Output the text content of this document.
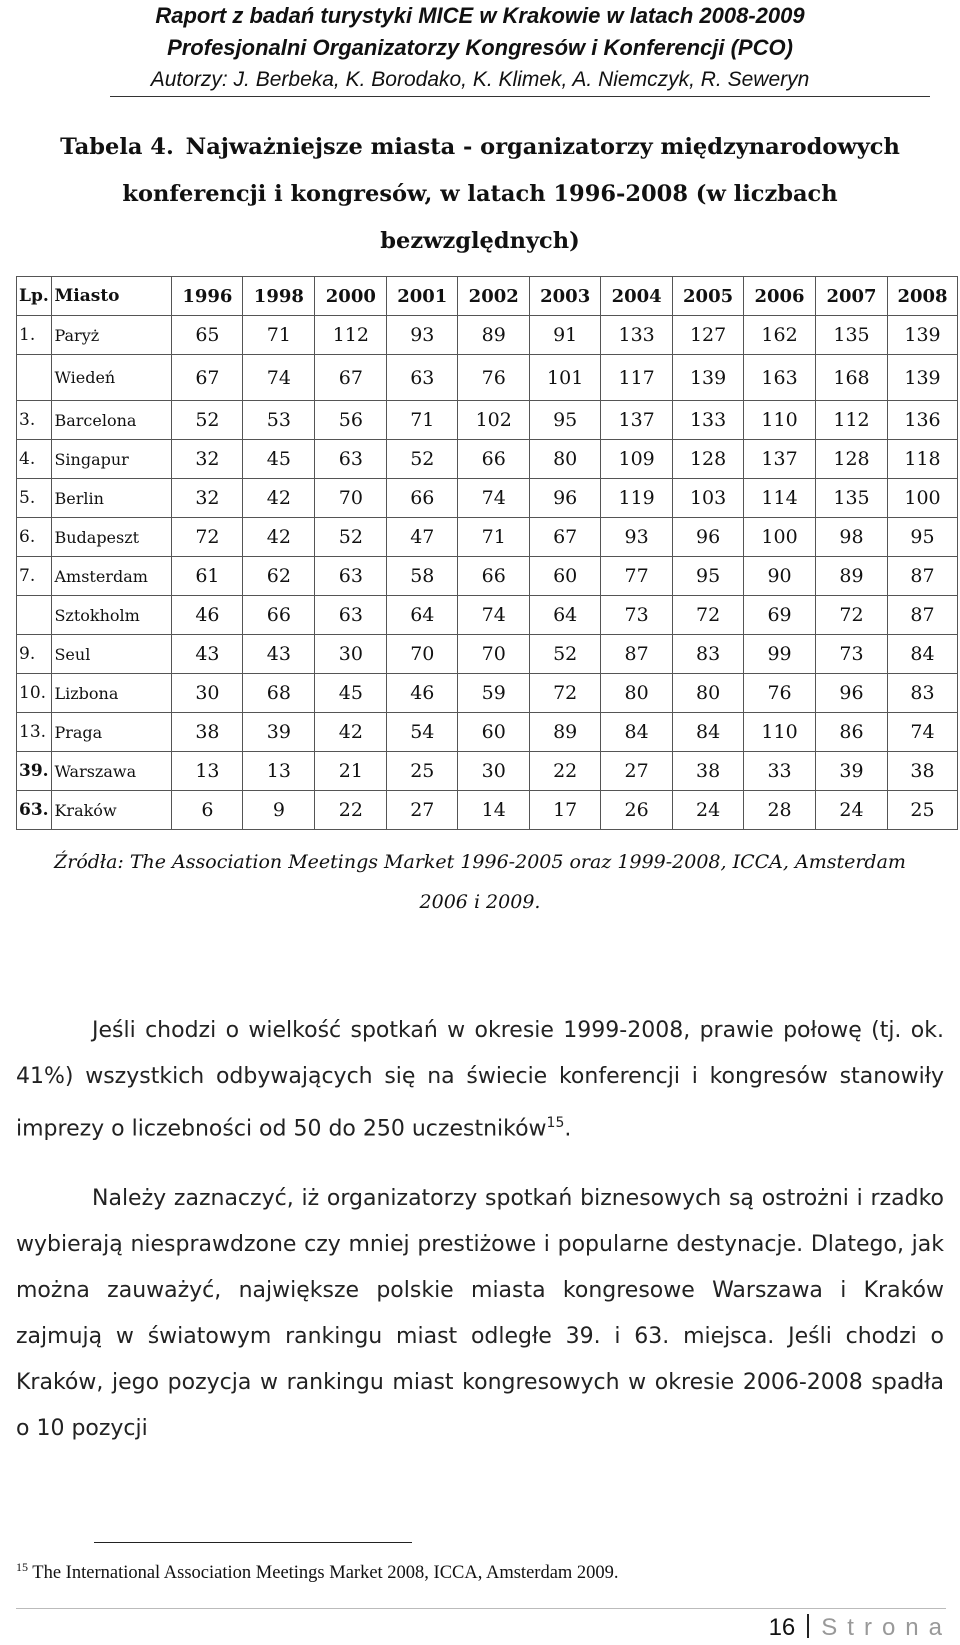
Raport z badań turystyki MICE w Krakowie w latach 2008-2009
Profesjonalni Organizatorzy Kongresów i Konferencji (PCO)
Autorzy: J. Berbeka, K. Borodako, K. Klimek, A. Niemczyk, R. Seweryn
Tabela 4. Najważniejsze miasta - organizatorzy międzynarodowych konferencji i kongresów, w latach 1996-2008 (w liczbach bezwzględnych)
Lp.	Miasto	1996	1998	2000	2001	2002	2003	2004	2005	2006	2007	2008
1.	Paryż	65	71	112	93	89	91	133	127	162	135	139
	Wiedeń	67	74	67	63	76	101	117	139	163	168	139
3.	Barcelona	52	53	56	71	102	95	137	133	110	112	136
4.	Singapur	32	45	63	52	66	80	109	128	137	128	118
5.	Berlin	32	42	70	66	74	96	119	103	114	135	100
6.	Budapeszt	72	42	52	47	71	67	93	96	100	98	95
7.	Amsterdam	61	62	63	58	66	60	77	95	90	89	87
	Sztokholm	46	66	63	64	74	64	73	72	69	72	87
9.	Seul	43	43	30	70	70	52	87	83	99	73	84
10.	Lizbona	30	68	45	46	59	72	80	80	76	96	83
13.	Praga	38	39	42	54	60	89	84	84	110	86	74
39.	Warszawa	13	13	21	25	30	22	27	38	33	39	38
63.	Kraków	6	9	22	27	14	17	26	24	28	24	25
Źródła: The Association Meetings Market 1996-2005 oraz 1999-2008, ICCA, Amsterdam
2006 i 2009.

Jeśli chodzi o wielkość spotkań w okresie 1999-2008, prawie połowę (tj. ok. 41%) wszystkich odbywających się na świecie konferencji i kongresów stanowiły imprezy o liczebności od 50 do 250 uczestników$^{15}$.

Należy zaznaczyć, iż organizatorzy spotkań biznesowych są ostrożni i rzadko wybierają niesprawdzone czy mniej prestiżowe i popularne destynacje. Dlatego, jak można zauważyć, największe polskie miasta kongresowe Warszawa i Kraków zajmują w światowym rankingu miast odległe 39. i 63. miejsca. Jeśli chodzi o Kraków, jego pozycja w rankingu miast kongresowych w okresie 2006-2008 spadła o 10 pozycji

$^{15}$ The International Association Meetings Market 2008, ICCA, Amsterdam 2009.
16 Strona
